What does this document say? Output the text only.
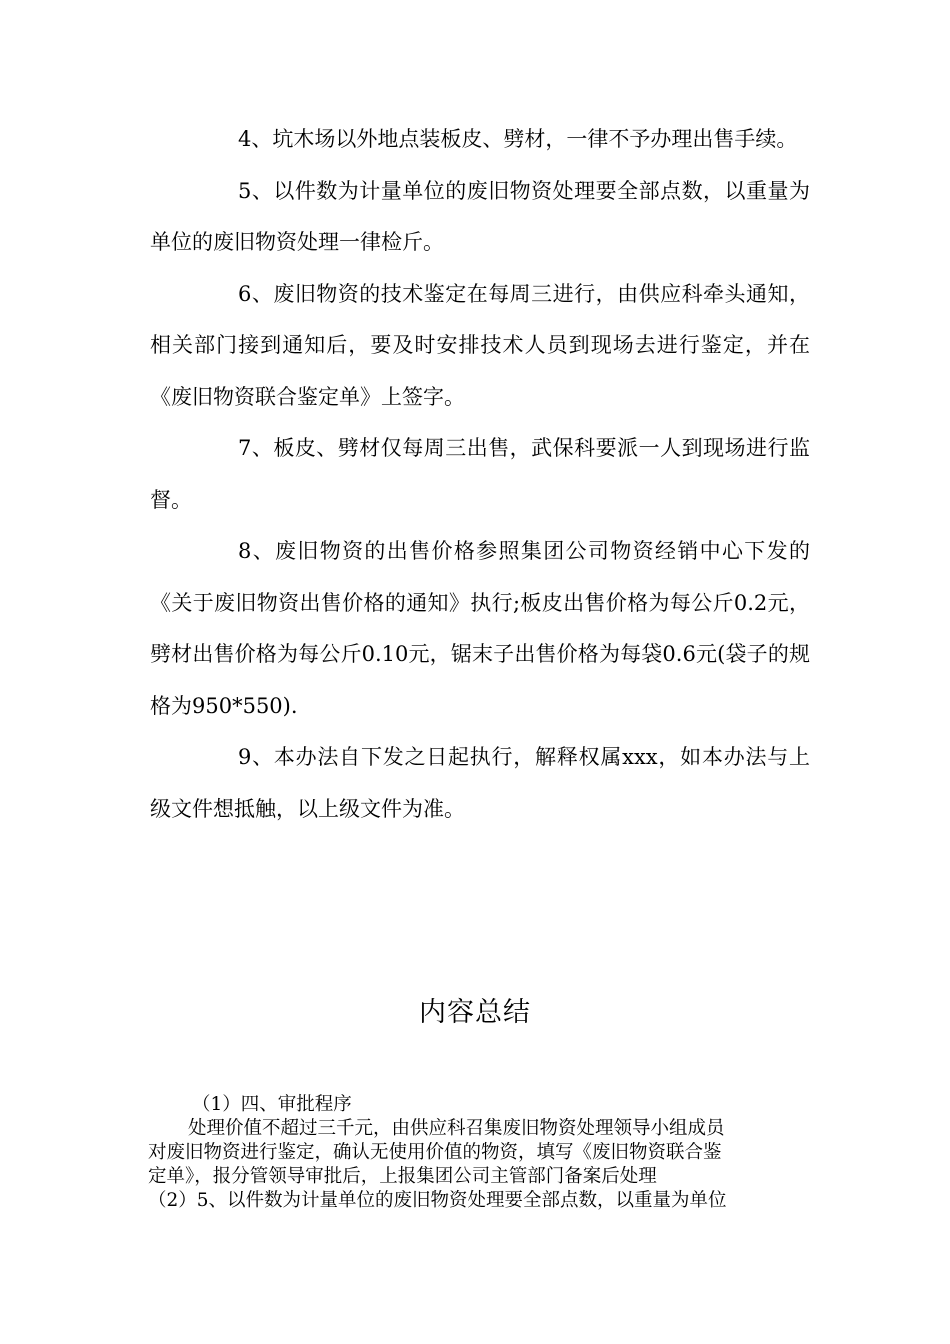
4、坑木场以外地点装板皮、劈材，一律不予办理出售手续。

5、以件数为计量单位的废旧物资处理要全部点数，以重量为单位的废旧物资处理一律检斤。

6、废旧物资的技术鉴定在每周三进行，由供应科牵头通知，相关部门接到通知后，要及时安排技术人员到现场去进行鉴定，并在《废旧物资联合鉴定单》上签字。

7、板皮、劈材仅每周三出售，武保科要派一人到现场进行监督。

8、废旧物资的出售价格参照集团公司物资经销中心下发的《关于废旧物资出售价格的通知》执行;板皮出售价格为每公斤0.2元，劈材出售价格为每公斤0.10元，锯末子出售价格为每袋0.6元(袋子的规格为950*550).

9、本办法自下发之日起执行，解释权属xxx，如本办法与上级文件想抵触，以上级文件为准。

内容总结
（1）四、审批程序
处理价值不超过三千元，由供应科召集废旧物资处理领导小组成员
对废旧物资进行鉴定，确认无使用价值的物资，填写《废旧物资联合鉴
定单》，报分管领导审批后，上报集团公司主管部门备案后处理
（2）5、以件数为计量单位的废旧物资处理要全部点数，以重量为单位
